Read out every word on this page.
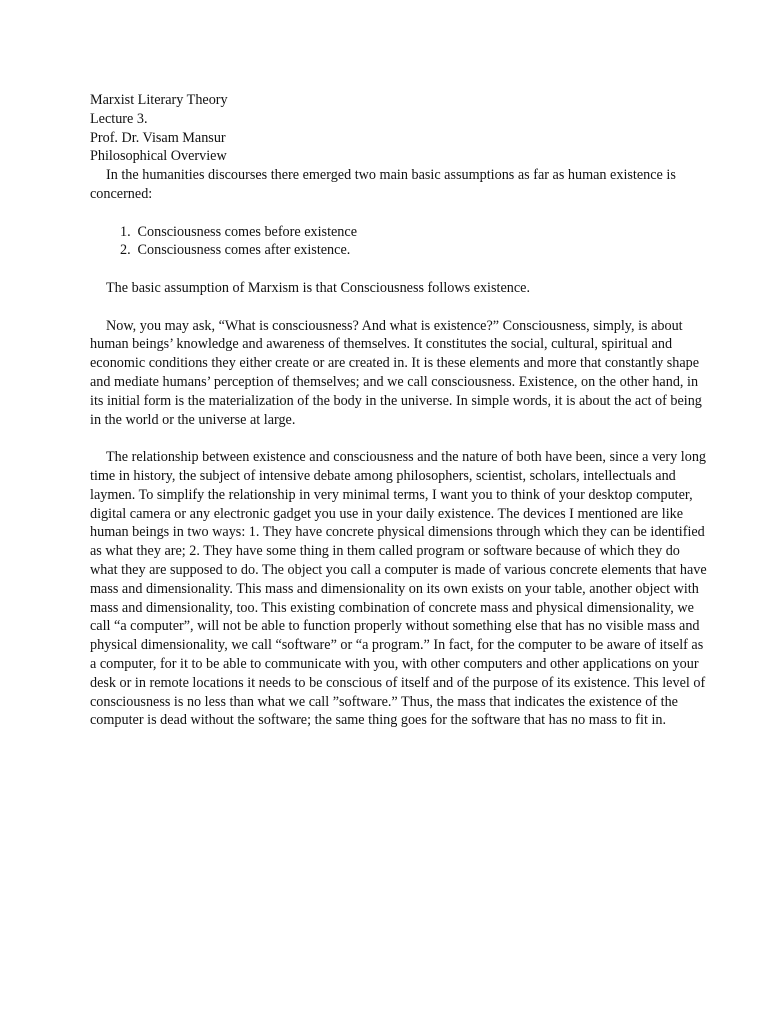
Marxist Literary Theory

Lecture 3.

Prof. Dr. Visam Mansur

Philosophical Overview

In the humanities discourses there emerged two main basic assumptions as far as human existence is concerned:

1. Consciousness comes before existence
2. Consciousness comes after existence.

The basic assumption of Marxism is that Consciousness follows existence.

Now, you may ask, “What is consciousness? And what is existence?” Consciousness, simply, is about human beings’ knowledge and awareness of themselves. It constitutes the social, cultural, spiritual and economic conditions they either create or are created in. It is these elements and more that constantly shape and mediate humans’ perception of themselves; and we call consciousness. Existence, on the other hand, in its initial form is the materialization of the body in the universe. In simple words, it is about the act of being in the world or the universe at large.

The relationship between existence and consciousness and the nature of both have been, since a very long time in history, the subject of intensive debate among philosophers, scientist, scholars, intellectuals and laymen. To simplify the relationship in very minimal terms, I want you to think of your desktop computer, digital camera or any electronic gadget you use in your daily existence. The devices I mentioned are like human beings in two ways: 1. They have concrete physical dimensions through which they can be identified as what they are; 2. They have some thing in them called program or software because of which they do what they are supposed to do. The object you call a computer is made of various concrete elements that have mass and dimensionality. This mass and dimensionality on its own exists on your table, another object with mass and dimensionality, too. This existing combination of concrete mass and physical dimensionality, we call “a computer”, will not be able to function properly without something else that has no visible mass and physical dimensionality, we call “software” or “a program.” In fact, for the computer to be aware of itself as a computer, for it to be able to communicate with you, with other computers and other applications on your desk or in remote locations it needs to be conscious of itself and of the purpose of its existence. This level of consciousness is no less than what we call ”software.” Thus, the mass that indicates the existence of the computer is dead without the software; the same thing goes for the software that has no mass to fit in.
